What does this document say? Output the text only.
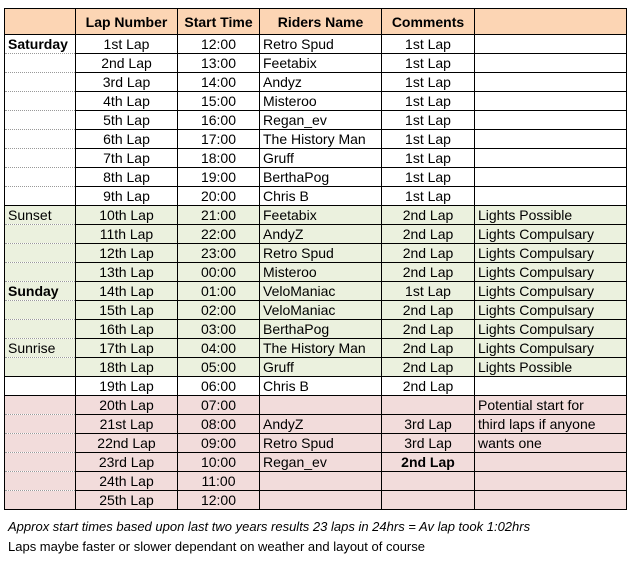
	Lap Number	Start Time	Riders Name	Comments	
Saturday	1st Lap	12:00	Retro Spud	1st Lap	
	2nd Lap	13:00	Feetabix	1st Lap	
	3rd Lap	14:00	Andyz	1st Lap	
	4th Lap	15:00	Misteroo	1st Lap	
	5th Lap	16:00	Regan_ev	1st Lap	
	6th Lap	17:00	The History Man	1st Lap	
	7th Lap	18:00	Gruff	1st Lap	
	8th Lap	19:00	BerthaPog	1st Lap	
	9th Lap	20:00	Chris B	1st Lap	
Sunset	10th Lap	21:00	Feetabix	2nd Lap	Lights Possible
	11th Lap	22:00	AndyZ	2nd Lap	Lights Compulsary
	12th Lap	23:00	Retro Spud	2nd Lap	Lights Compulsary
	13th Lap	00:00	Misteroo	2nd Lap	Lights Compulsary
Sunday	14th Lap	01:00	VeloManiac	1st Lap	Lights Compulsary
	15th Lap	02:00	VeloManiac	2nd Lap	Lights Compulsary
	16th Lap	03:00	BerthaPog	2nd Lap	Lights Compulsary
Sunrise	17th Lap	04:00	The History Man	2nd Lap	Lights Compulsary
	18th Lap	05:00	Gruff	2nd Lap	Lights Possible
	19th Lap	06:00	Chris B	2nd Lap	
	20th Lap	07:00			Potential start for
	21st Lap	08:00	AndyZ	3rd Lap	third laps if anyone
	22nd Lap	09:00	Retro Spud	3rd Lap	wants one
	23rd Lap	10:00	Regan_ev	2nd Lap	
	24th Lap	11:00			
	25th Lap	12:00			
Approx start times based upon last two years results 23 laps in 24hrs = Av lap took 1:02hrs
Laps maybe faster or slower dependant on weather and layout of course
